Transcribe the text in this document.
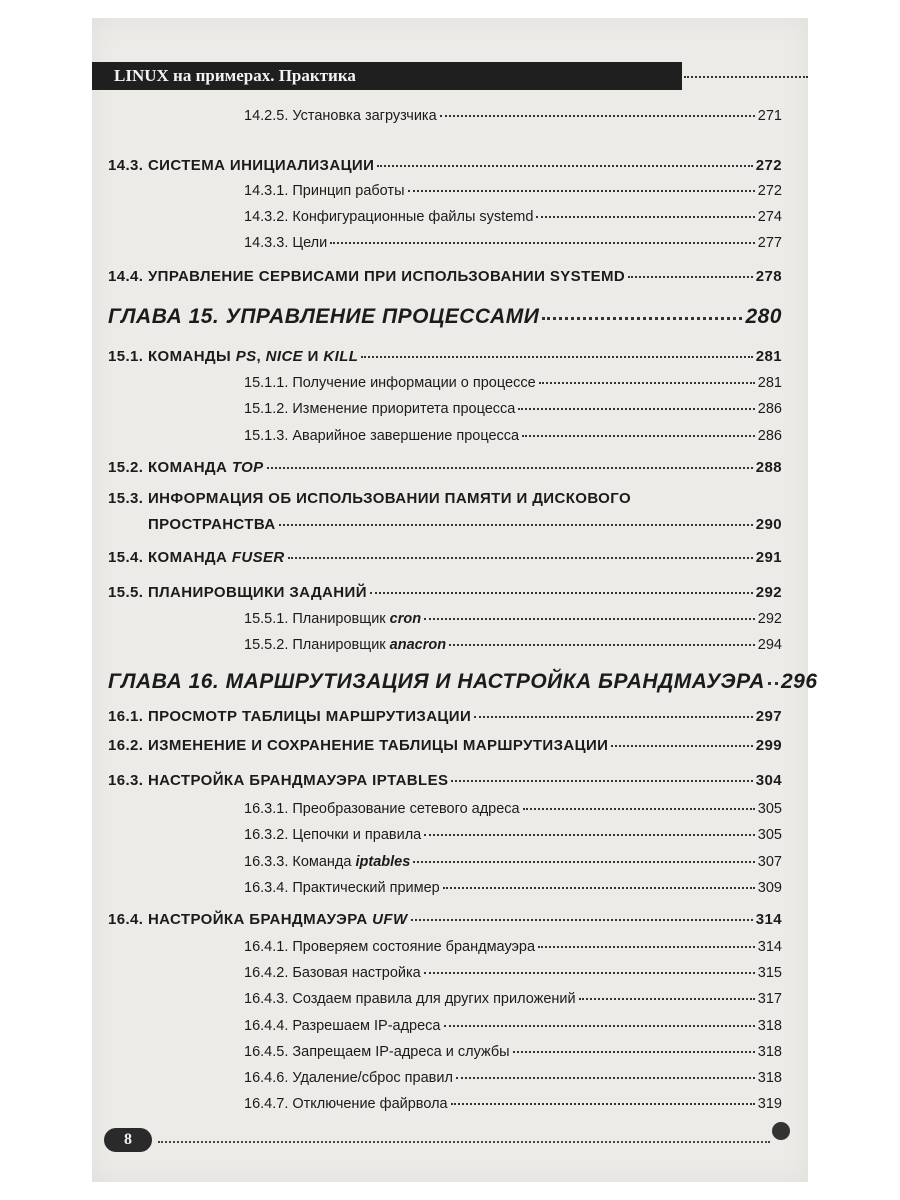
LINUX на примерах. Практика
14.2.5. Установка загрузчика	271
14.3. СИСТЕМА ИНИЦИАЛИЗАЦИИ	272
14.3.1. Принцип работы	272
14.3.2. Конфигурационные файлы systemd	274
14.3.3. Цели	277
14.4. УПРАВЛЕНИЕ СЕРВИСАМИ ПРИ ИСПОЛЬЗОВАНИИ SYSTEMD	278
ГЛАВА 15. УПРАВЛЕНИЕ ПРОЦЕССАМИ	280
15.1. КОМАНДЫ PS, NICE И KILL	281
15.1.1. Получение информации о процессе	281
15.1.2. Изменение приоритета процесса	286
15.1.3. Аварийное завершение процесса	286
15.2. КОМАНДА TOP	288
15.3. ИНФОРМАЦИЯ ОБ ИСПОЛЬЗОВАНИИ ПАМЯТИ И ДИСКОВОГО
ПРОСТРАНСТВА	290
15.4. КОМАНДА FUSER	291
15.5. ПЛАНИРОВЩИКИ ЗАДАНИЙ	292
15.5.1. Планировщик cron	292
15.5.2. Планировщик anacron	294
ГЛАВА 16. МАРШРУТИЗАЦИЯ И НАСТРОЙКА БРАНДМАУЭРА 296
16.1. ПРОСМОТР ТАБЛИЦЫ МАРШРУТИЗАЦИИ	297
16.2. ИЗМЕНЕНИЕ И СОХРАНЕНИЕ ТАБЛИЦЫ МАРШРУТИЗАЦИИ	299
16.3. НАСТРОЙКА БРАНДМАУЭРА IPTABLES	304
16.3.1. Преобразование сетевого адреса	305
16.3.2. Цепочки и правила	305
16.3.3. Команда iptables	307
16.3.4. Практический пример	309
16.4. НАСТРОЙКА БРАНДМАУЭРА UFW	314
16.4.1. Проверяем состояние брандмауэра	314
16.4.2. Базовая настройка	315
16.4.3. Создаем правила для других приложений	317
16.4.4. Разрешаем IP-адреса	318
16.4.5. Запрещаем IP-адреса и службы	318
16.4.6. Удаление/сброс правил	318
16.4.7. Отключение файрвола	319
8
